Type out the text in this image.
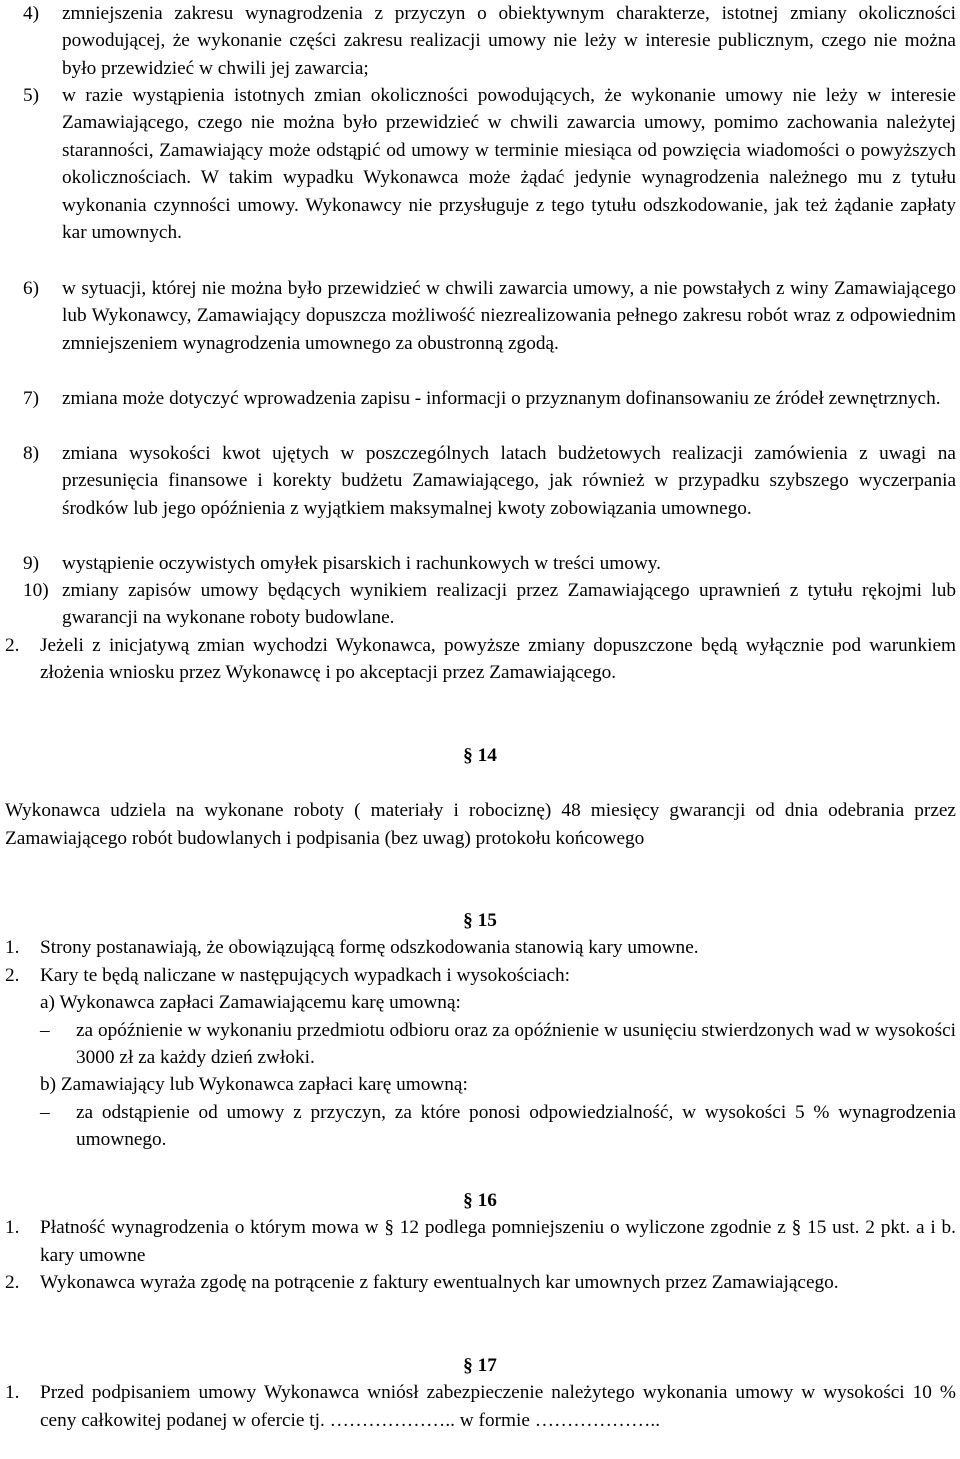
4) zmniejszenia zakresu wynagrodzenia z przyczyn o obiektywnym charakterze, istotnej zmiany okoliczności powodującej, że wykonanie części zakresu realizacji umowy nie leży w interesie publicznym, czego nie można było przewidzieć w chwili jej zawarcia;
5) w razie wystąpienia istotnych zmian okoliczności powodujących, że wykonanie umowy nie leży w interesie Zamawiającego, czego nie można było przewidzieć w chwili zawarcia umowy, pomimo zachowania należytej staranności, Zamawiający może odstąpić od umowy w terminie miesiąca od powzięcia wiadomości o powyższych okolicznościach. W takim wypadku Wykonawca może żądać jedynie wynagrodzenia należnego mu z tytułu wykonania czynności umowy. Wykonawcy nie przysługuje z tego tytułu odszkodowanie, jak też żądanie zapłaty kar umownych.
6) w sytuacji, której nie można było przewidzieć w chwili zawarcia umowy, a nie powstałych z winy Zamawiającego lub Wykonawcy, Zamawiający dopuszcza możliwość niezrealizowania pełnego zakresu robót wraz z odpowiednim zmniejszeniem wynagrodzenia umownego za obustronną zgodą.
7) zmiana może dotyczyć wprowadzenia zapisu - informacji o przyznanym dofinansowaniu ze źródeł zewnętrznych.
8) zmiana wysokości kwot ujętych w poszczególnych latach budżetowych realizacji zamówienia z uwagi na przesunięcia finansowe i korekty budżetu Zamawiającego, jak również w przypadku szybszego wyczerpania środków lub jego opóźnienia z wyjątkiem maksymalnej kwoty zobowiązania umownego.
9) wystąpienie oczywistych omyłek pisarskich i rachunkowych w treści umowy.
10) zmiany zapisów umowy będących wynikiem realizacji przez Zamawiającego uprawnień z tytułu rękojmi lub gwarancji na wykonane roboty budowlane.
2. Jeżeli z inicjatywą zmian wychodzi Wykonawca, powyższe zmiany dopuszczone będą wyłącznie pod warunkiem złożenia wniosku przez Wykonawcę i po akceptacji przez Zamawiającego.
§ 14
Wykonawca udziela na wykonane roboty ( materiały i robociznę) 48 miesięcy gwarancji od dnia odebrania przez Zamawiającego robót budowlanych i podpisania (bez uwag) protokołu końcowego
§ 15
1. Strony postanawiają, że obowiązującą formę odszkodowania stanowią kary umowne.
2. Kary te będą naliczane w następujących wypadkach i wysokościach:
a) Wykonawca zapłaci Zamawiającemu karę umowną:
– za opóźnienie w wykonaniu przedmiotu odbioru oraz za opóźnienie w usunięciu stwierdzonych wad w wysokości 3000 zł za każdy dzień zwłoki.
b) Zamawiający lub Wykonawca zapłaci karę umowną:
– za odstąpienie od umowy z przyczyn, za które ponosi odpowiedzialność, w wysokości 5 % wynagrodzenia umownego.
§ 16
1. Płatność wynagrodzenia o którym mowa w § 12 podlega pomniejszeniu o wyliczone zgodnie z § 15 ust. 2 pkt. a i b. kary umowne
2. Wykonawca wyraża zgodę na potrącenie z faktury ewentualnych kar umownych przez Zamawiającego.
§ 17
1. Przed podpisaniem umowy Wykonawca wniósł zabezpieczenie należytego wykonania umowy w wysokości 10 % ceny całkowitej podanej w ofercie tj. ……………….. w formie ………………..
